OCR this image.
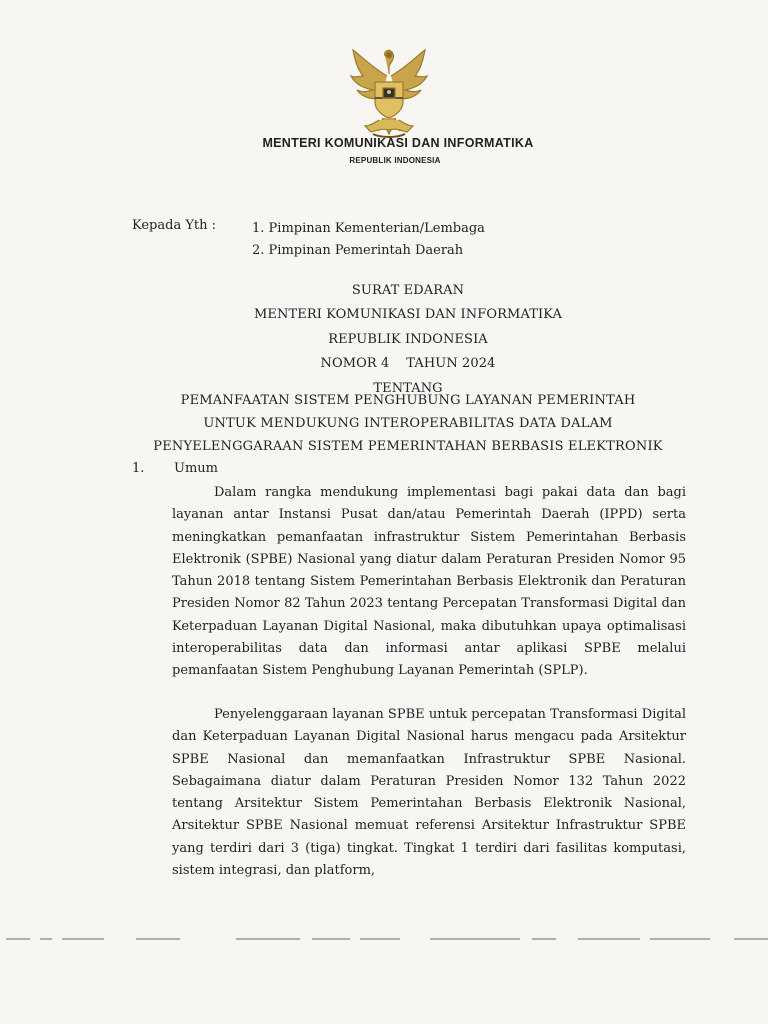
MENTERI KOMUNIKASI DAN INFORMATIKA
REPUBLIK INDONESIA
Kepada Yth :	1. Pimpinan Kementerian/Lembaga
2. Pimpinan Pemerintah Daerah
SURAT EDARAN
MENTERI KOMUNIKASI DAN INFORMATIKA
REPUBLIK INDONESIA
NOMOR 4    TAHUN 2024
TENTANG
PEMANFAATAN SISTEM PENGHUBUNG LAYANAN PEMERINTAH
UNTUK MENDUKUNG INTEROPERABILITAS DATA DALAM
PENYELENGGARAAN SISTEM PEMERINTAHAN BERBASIS ELEKTRONIK
1. Umum
Dalam rangka mendukung implementasi bagi pakai data dan bagi layanan antar Instansi Pusat dan/atau Pemerintah Daerah (IPPD) serta meningkatkan pemanfaatan infrastruktur Sistem Pemerintahan Berbasis Elektronik (SPBE) Nasional yang diatur dalam Peraturan Presiden Nomor 95 Tahun 2018 tentang Sistem Pemerintahan Berbasis Elektronik dan Peraturan Presiden Nomor 82 Tahun 2023 tentang Percepatan Transformasi Digital dan Keterpaduan Layanan Digital Nasional, maka dibutuhkan upaya optimalisasi interoperabilitas data dan informasi antar aplikasi SPBE melalui pemanfaatan Sistem Penghubung Layanan Pemerintah (SPLP).
Penyelenggaraan layanan SPBE untuk percepatan Transformasi Digital dan Keterpaduan Layanan Digital Nasional harus mengacu pada Arsitektur SPBE Nasional dan memanfaatkan Infrastruktur SPBE Nasional. Sebagaimana diatur dalam Peraturan Presiden Nomor 132 Tahun 2022 tentang Arsitektur Sistem Pemerintahan Berbasis Elektronik Nasional, Arsitektur SPBE Nasional memuat referensi Arsitektur Infrastruktur SPBE yang terdiri dari 3 (tiga) tingkat. Tingkat 1 terdiri dari fasilitas komputasi, sistem integrasi, dan platform,
